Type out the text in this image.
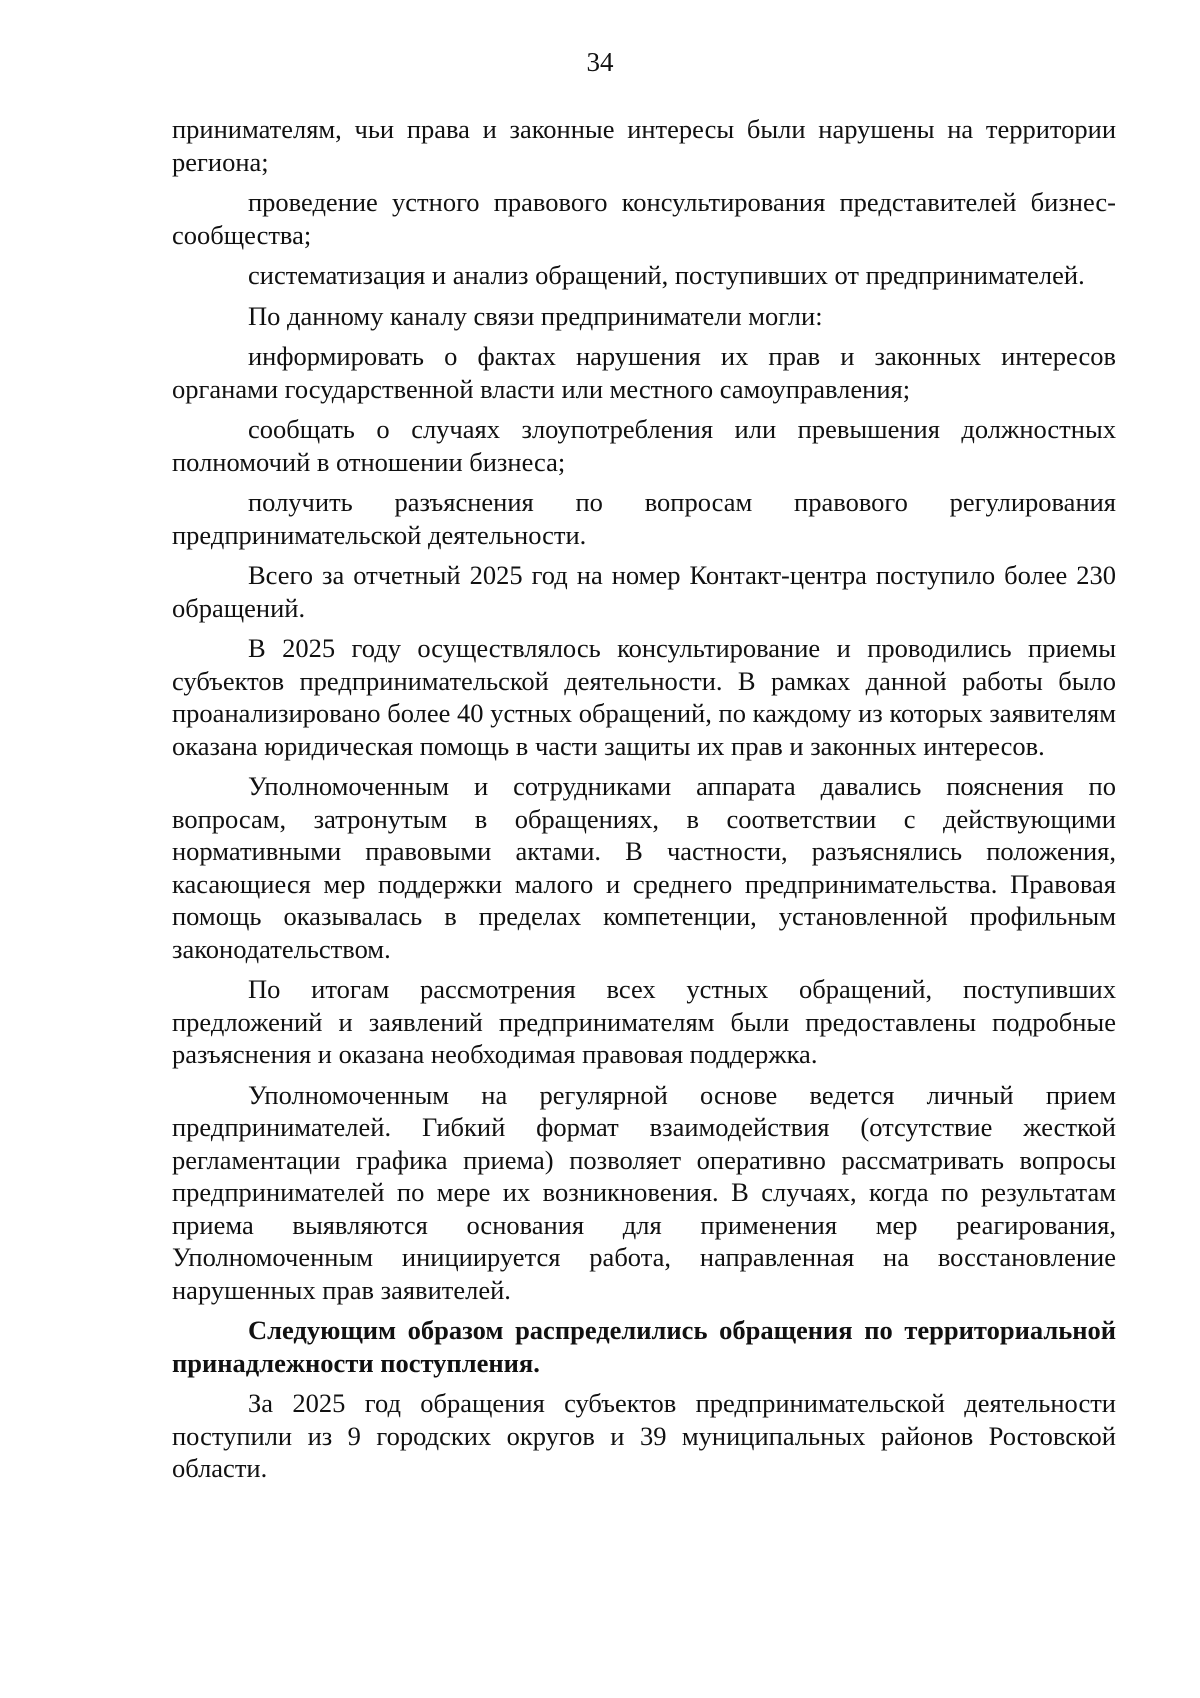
34

принимателям, чьи права и законные интересы были нарушены на территории региона;

проведение устного правового консультирования представителей бизнес-сообщества;

систематизация и анализ обращений, поступивших от предпринимателей.

По данному каналу связи предприниматели могли:

информировать о фактах нарушения их прав и законных интересов органами государственной власти или местного самоуправления;

сообщать о случаях злоупотребления или превышения должностных полномочий в отношении бизнеса;

получить разъяснения по вопросам правового регулирования предпринимательской деятельности.

Всего за отчетный 2025 год на номер Контакт-центра поступило более 230 обращений.

В 2025 году осуществлялось консультирование и проводились приемы субъектов предпринимательской деятельности. В рамках данной работы было проанализировано более 40 устных обращений, по каждому из которых заявителям оказана юридическая помощь в части защиты их прав и законных интересов.

Уполномоченным и сотрудниками аппарата давались пояснения по вопросам, затронутым в обращениях, в соответствии с действующими нормативными правовыми актами. В частности, разъяснялись положения, касающиеся мер поддержки малого и среднего предпринимательства. Правовая помощь оказывалась в пределах компетенции, установленной профильным законодательством.

По итогам рассмотрения всех устных обращений, поступивших предложений и заявлений предпринимателям были предоставлены подробные разъяснения и оказана необходимая правовая поддержка.

Уполномоченным на регулярной основе ведется личный прием предпринимателей. Гибкий формат взаимодействия (отсутствие жесткой регламентации графика приема) позволяет оперативно рассматривать вопросы предпринимателей по мере их возникновения. В случаях, когда по результатам приема выявляются основания для применения мер реагирования, Уполномоченным инициируется работа, направленная на восстановление нарушенных прав заявителей.

Следующим образом распределились обращения по территориальной принадлежности поступления.

За 2025 год обращения субъектов предпринимательской деятельности поступили из 9 городских округов и 39 муниципальных районов Ростовской области.
